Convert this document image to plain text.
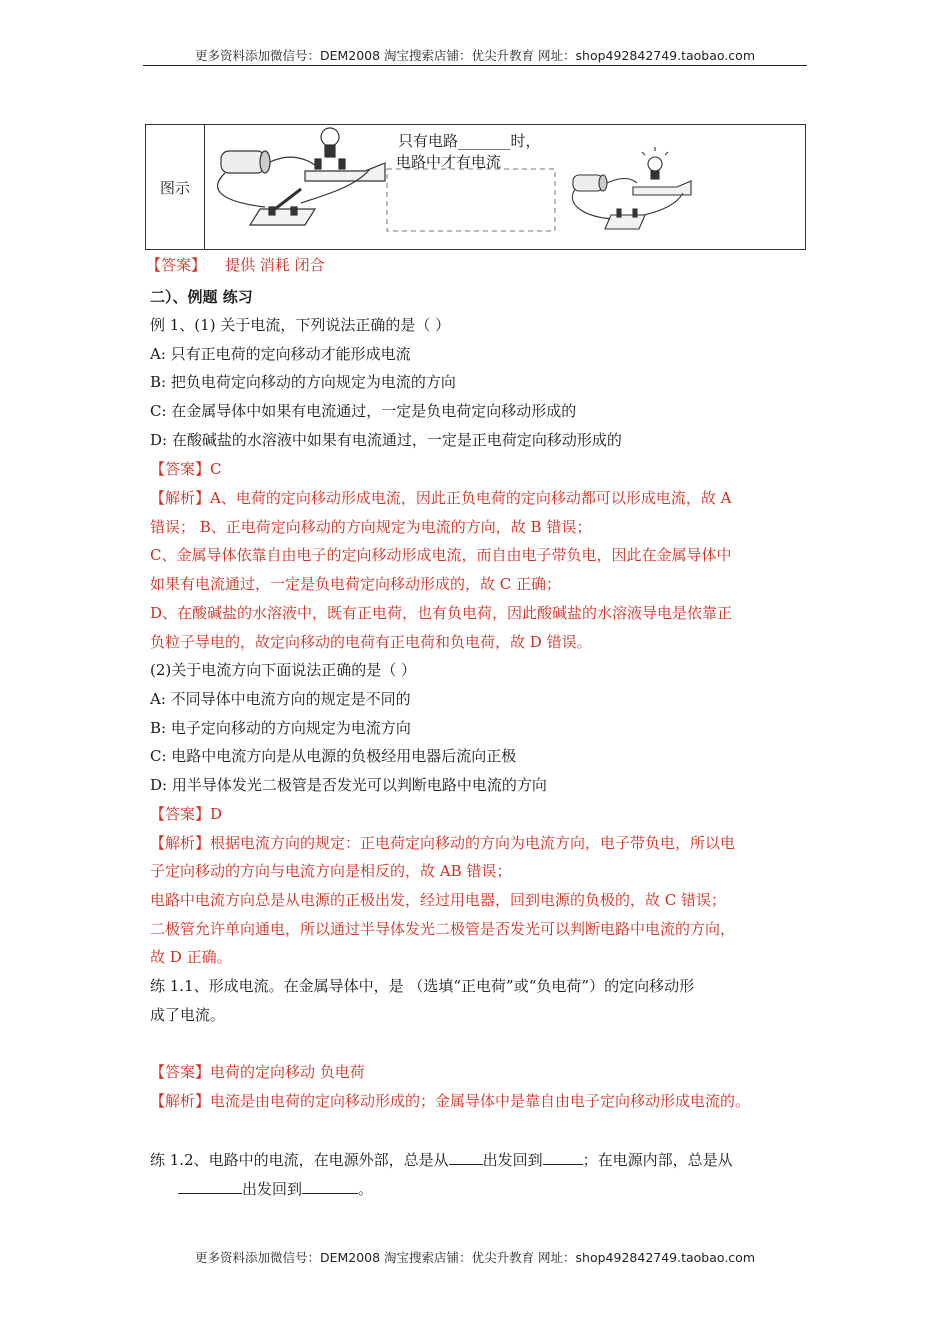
更多资料添加微信号：DEM2008 淘宝搜索店铺：优尖升教育 网址：shop492842749.taobao.com
图示	
只有电路_______时，
电路中才有电流
【答案】 提供 消耗 闭合
二）、例题 练习
例 1、(1) 关于电流，下列说法正确的是（ ）
A: 只有正电荷的定向移动才能形成电流
B: 把负电荷定向移动的方向规定为电流的方向
C: 在金属导体中如果有电流通过，一定是负电荷定向移动形成的
D: 在酸碱盐的水溶液中如果有电流通过，一定是正电荷定向移动形成的
【答案】C
【解析】A、电荷的定向移动形成电流，因此正负电荷的定向移动都可以形成电流，故 A
错误； B、正电荷定向移动的方向规定为电流的方向，故 B 错误；
C、金属导体依靠自由电子的定向移动形成电流，而自由电子带负电，因此在金属导体中
如果有电流通过，一定是负电荷定向移动形成的，故 C 正确；
D、在酸碱盐的水溶液中，既有正电荷，也有负电荷，因此酸碱盐的水溶液导电是依靠正
负粒子导电的，故定向移动的电荷有正电荷和负电荷，故 D 错误。
(2)关于电流方向下面说法正确的是（ ）
A: 不同导体中电流方向的规定是不同的
B: 电子定向移动的方向规定为电流方向
C: 电路中电流方向是从电源的负极经用电器后流向正极
D: 用半导体发光二极管是否发光可以判断电路中电流的方向
【答案】D
【解析】根据电流方向的规定：正电荷定向移动的方向为电流方向，电子带负电，所以电
子定向移动的方向与电流方向是相反的，故 AB 错误；
电路中电流方向总是从电源的正极出发，经过用电器，回到电源的负极的，故 C 错误；
二极管允许单向通电，所以通过半导体发光二极管是否发光可以判断电路中电流的方向，
故 D 正确。
练 1.1、形成电流。在金属导体中，是 （选填“正电荷”或“负电荷”）的定向移动形
成了电流。
【答案】电荷的定向移动 负电荷
【解析】电流是由电荷的定向移动形成的；金属导体中是靠自由电子定向移动形成电流的。
练 1.2、电路中的电流，在电源外部，总是从 出发回到	；在电源内部，总是从
出发回到	。
更多资料添加微信号：DEM2008 淘宝搜索店铺：优尖升教育 网址：shop492842749.taobao.com
